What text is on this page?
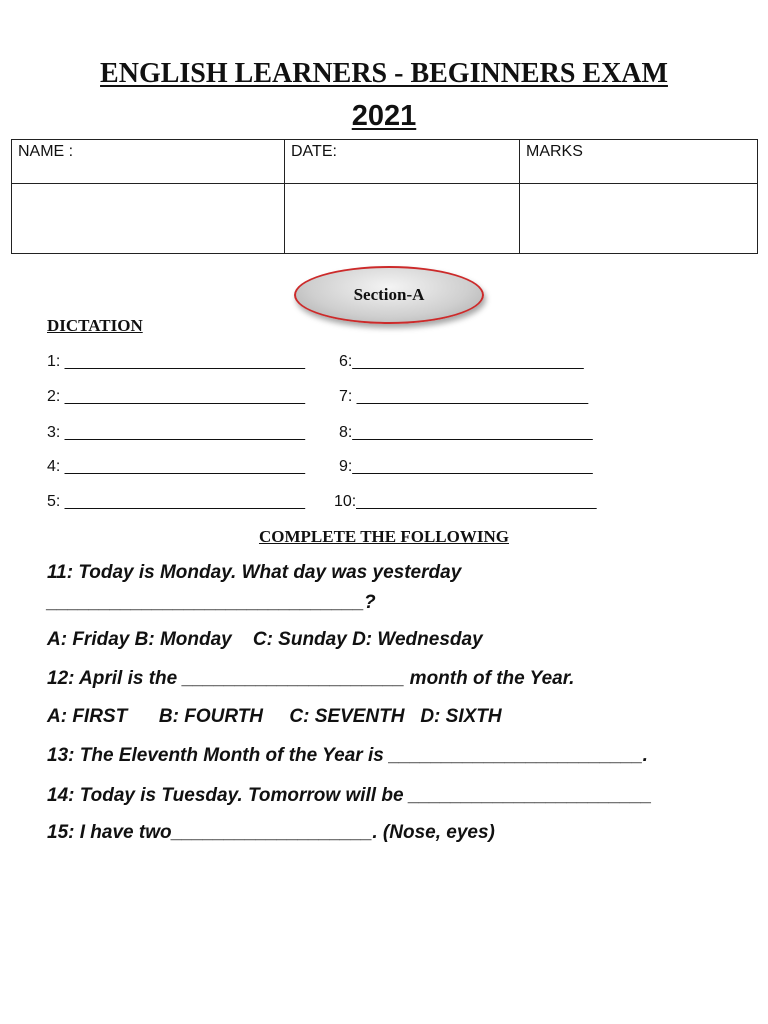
ENGLISH LEARNERS - BEGINNERS EXAM
2021
NAME :	DATE:	MARKS

Section-A
DICTATION
1: ___________________________
2: ___________________________
3: ___________________________
4: ___________________________
5: ___________________________
6:__________________________
7: __________________________
8:___________________________
9:___________________________
10:___________________________
COMPLETE THE FOLLOWING
11: Today is Monday. What day was yesterday
______________________________?
A: Friday B: Monday    C: Sunday D: Wednesday
12: April is the _____________________ month of the Year.
A: FIRST      B: FOURTH     C: SEVENTH   D: SIXTH
13: The Eleventh Month of the Year is ________________________.
14: Today is Tuesday. Tomorrow will be _______________________
15: I have two___________________. (Nose, eyes)
